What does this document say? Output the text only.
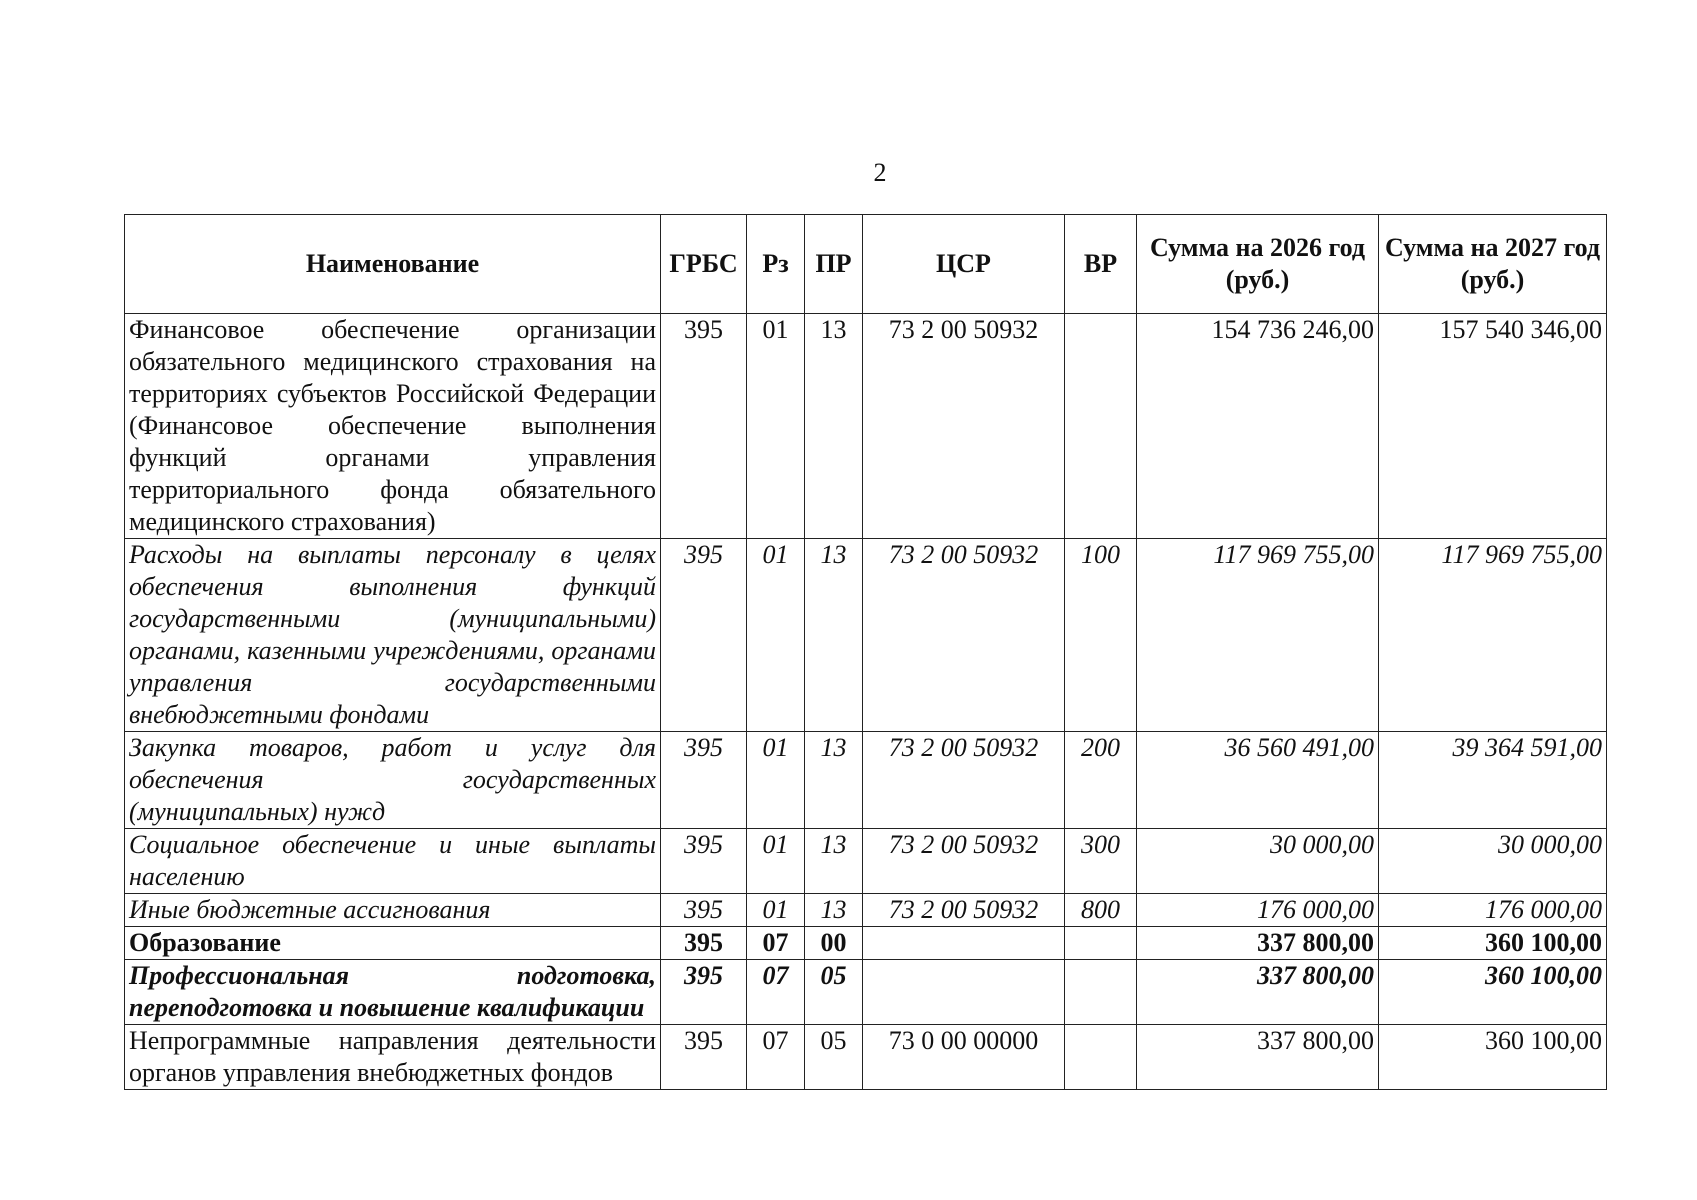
2
Наименование	ГРБС	Рз	ПР	ЦСР	ВР	Сумма на 2026 год (руб.)	Сумма на 2027 год (руб.)
Финансовое обеспечение организации обязательного медицинского страхования на территориях субъектов Российской Федерации (Финансовое обеспечение выполнения функций органами управления территориального фонда обязательного медицинского страхования)	395	01	13	73 2 00 50932		154 736 246,00	157 540 346,00
Расходы на выплаты персоналу в целях обеспечения выполнения функций государственными (муниципальными) органами, казенными учреждениями, органами управления государственными внебюджетными фондами	395	01	13	73 2 00 50932	100	117 969 755,00	117 969 755,00
Закупка товаров, работ и услуг для обеспечения государственных (муниципальных) нужд	395	01	13	73 2 00 50932	200	36 560 491,00	39 364 591,00
Социальное обеспечение и иные выплаты населению	395	01	13	73 2 00 50932	300	30 000,00	30 000,00
Иные бюджетные ассигнования	395	01	13	73 2 00 50932	800	176 000,00	176 000,00
Образование	395	07	00			337 800,00	360 100,00
Профессиональная подготовка, переподготовка и повышение квалификации	395	07	05			337 800,00	360 100,00
Непрограммные направления деятельности органов управления внебюджетных фондов	395	07	05	73 0 00 00000		337 800,00	360 100,00
